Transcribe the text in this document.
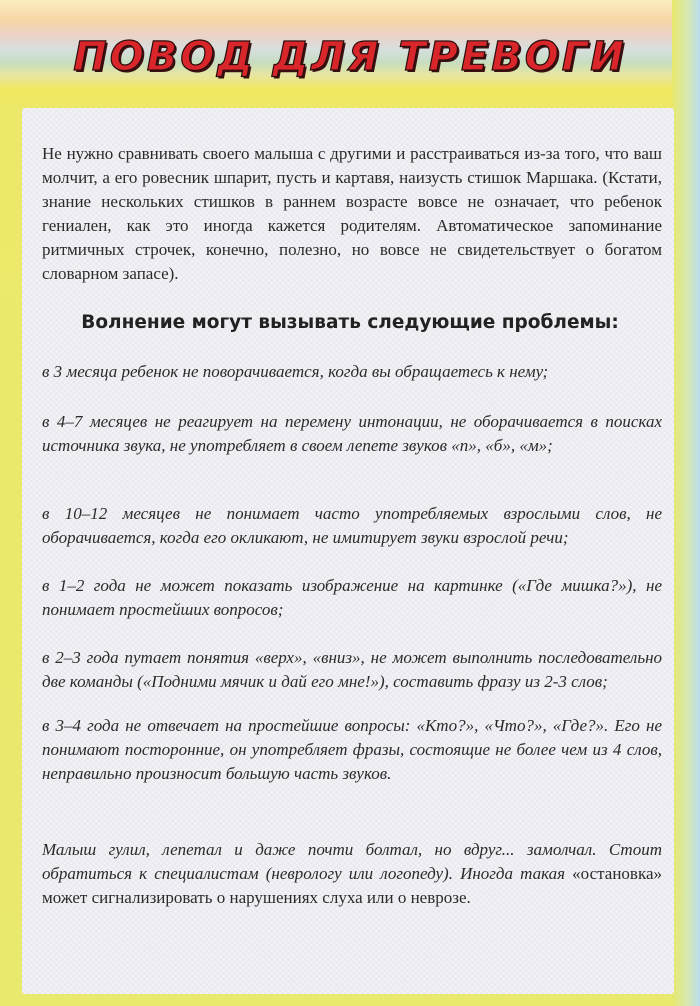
ПОВОД ДЛЯ ТРЕВОГИ

Не нужно сравнивать своего малыша с другими и расстраиваться из-за того, что ваш молчит, а его ровесник шпарит, пусть и картавя, наизусть стишок Маршака. (Кстати, знание нескольких стишков в раннем возрасте вовсе не означает, что ребенок гениален, как это иногда кажется родителям. Автоматическое запоминание ритмичных строчек, конечно, полезно, но вовсе не свидетельствует о богатом словарном запасе).

Волнение могут вызывать следующие проблемы:

в 3 месяца ребенок не поворачивается, когда вы обращаетесь к нему;

в 4–7 месяцев не реагирует на перемену интонации, не оборачивается в поисках источника звука, не употребляет в своем лепете звуков «п», «б», «м»;

в 10–12 месяцев не понимает часто употребляемых взрослыми слов, не оборачивается, когда его окликают, не имитирует звуки взрослой речи;

в 1–2 года не может показать изображение на картинке («Где мишка?»), не понимает простейших вопросов;

в 2–3 года путает понятия «верх», «вниз», не может выполнить последовательно две команды («Подними мячик и дай его мне!»), составить фразу из 2-3 слов;

в 3–4 года не отвечает на простейшие вопросы: «Кто?», «Что?», «Где?». Его не понимают посторонние, он употребляет фразы, состоящие не более чем из 4 слов, неправильно произносит большую часть звуков.

Малыш гулил, лепетал и даже почти болтал, но вдруг... замолчал. Стоит обратиться к специалистам (неврологу или логопеду). Иногда такая «остановка» может сигнализировать о нарушениях слуха или о неврозе.
